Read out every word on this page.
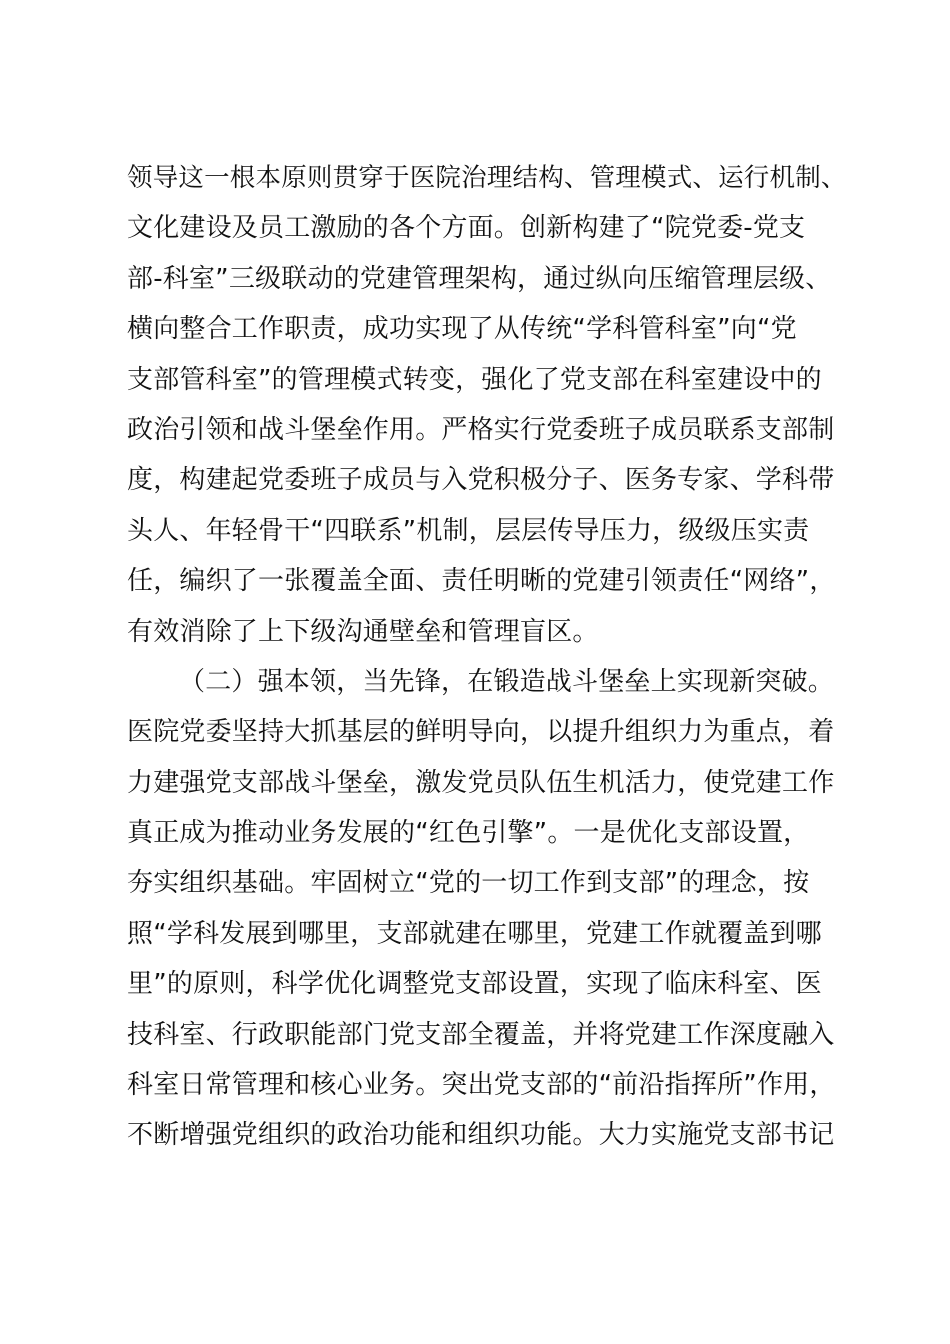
领导这一根本原则贯穿于医院治理结构、管理模式、运行机制、
文化建设及员工激励的各个方面。创新构建了“院党委-党支
部-科室”三级联动的党建管理架构，通过纵向压缩管理层级、
横向整合工作职责，成功实现了从传统“学科管科室”向“党
支部管科室”的管理模式转变，强化了党支部在科室建设中的
政治引领和战斗堡垒作用。严格实行党委班子成员联系支部制
度，构建起党委班子成员与入党积极分子、医务专家、学科带
头人、年轻骨干“四联系”机制，层层传导压力，级级压实责
任，编织了一张覆盖全面、责任明晰的党建引领责任“网络”，
有效消除了上下级沟通壁垒和管理盲区。
（二）强本领，当先锋，在锻造战斗堡垒上实现新突破。
医院党委坚持大抓基层的鲜明导向，以提升组织力为重点，着
力建强党支部战斗堡垒，激发党员队伍生机活力，使党建工作
真正成为推动业务发展的“红色引擎”。一是优化支部设置，
夯实组织基础。牢固树立“党的一切工作到支部”的理念，按
照“学科发展到哪里，支部就建在哪里，党建工作就覆盖到哪
里”的原则，科学优化调整党支部设置，实现了临床科室、医
技科室、行政职能部门党支部全覆盖，并将党建工作深度融入
科室日常管理和核心业务。突出党支部的“前沿指挥所”作用，
不断增强党组织的政治功能和组织功能。大力实施党支部书记
